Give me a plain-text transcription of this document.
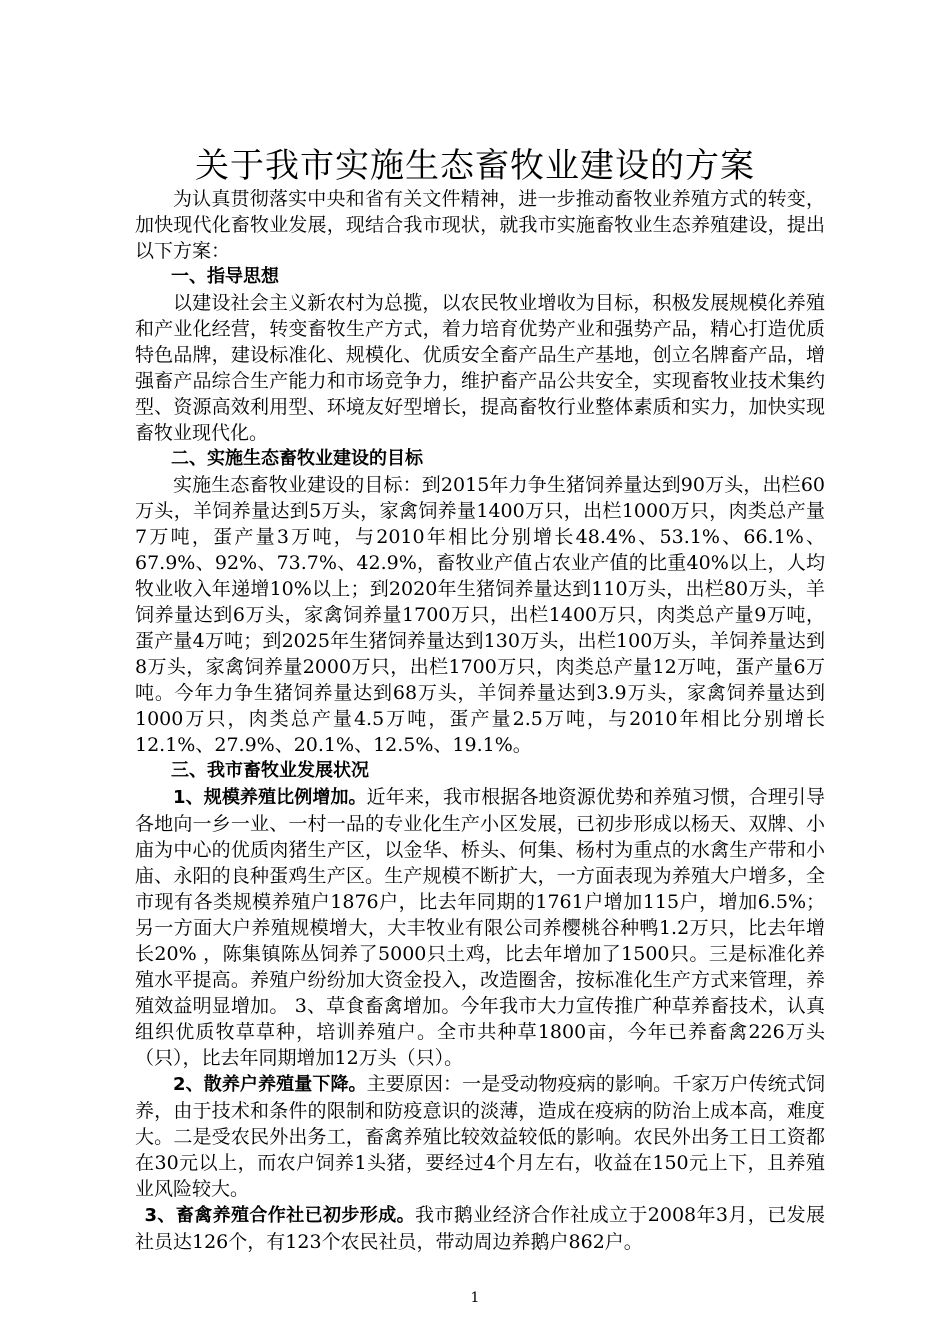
关于我市实施生态畜牧业建设的方案

为认真贯彻落实中央和省有关文件精神，进一步推动畜牧业养殖方式的转变，加快现代化畜牧业发展，现结合我市现状，就我市实施畜牧业生态养殖建设，提出以下方案：

一、指导思想

以建设社会主义新农村为总揽，以农民牧业增收为目标，积极发展规模化养殖和产业化经营，转变畜牧生产方式，着力培育优势产业和强势产品，精心打造优质特色品牌，建设标准化、规模化、优质安全畜产品生产基地，创立名牌畜产品，增强畜产品综合生产能力和市场竞争力，维护畜产品公共安全，实现畜牧业技术集约型、资源高效利用型、环境友好型增长，提高畜牧行业整体素质和实力，加快实现畜牧业现代化。

二、实施生态畜牧业建设的目标

实施生态畜牧业建设的目标：到2015年力争生猪饲养量达到90万头，出栏60万头，羊饲养量达到5万头，家禽饲养量1400万只，出栏1000万只，肉类总产量7万吨，蛋产量3万吨，与2010年相比分别增长48.4%、53.1%、66.1%、67.9%、92%、73.7%、42.9%，畜牧业产值占农业产值的比重40%以上，人均牧业收入年递增10%以上；到2020年生猪饲养量达到110万头，出栏80万头，羊饲养量达到6万头，家禽饲养量1700万只，出栏1400万只，肉类总产量9万吨，蛋产量4万吨；到2025年生猪饲养量达到130万头，出栏100万头，羊饲养量达到8万头，家禽饲养量2000万只，出栏1700万只，肉类总产量12万吨，蛋产量6万吨。今年力争生猪饲养量达到68万头，羊饲养量达到3.9万头，家禽饲养量达到1000万只，肉类总产量4.5万吨，蛋产量2.5万吨，与2010年相比分别增长12.1%、27.9%、20.1%、12.5%、19.1%。

三、我市畜牧业发展状况

1、规模养殖比例增加。近年来，我市根据各地资源优势和养殖习惯，合理引导各地向一乡一业、一村一品的专业化生产小区发展，已初步形成以杨天、双牌、小庙为中心的优质肉猪生产区，以金华、桥头、何集、杨村为重点的水禽生产带和小庙、永阳的良种蛋鸡生产区。生产规模不断扩大，一方面表现为养殖大户增多，全市现有各类规模养殖户1876户，比去年同期的1761户增加115户，增加6.5%；另一方面大户养殖规模增大，大丰牧业有限公司养樱桃谷种鸭1.2万只，比去年增长20% ，陈集镇陈丛饲养了5000只土鸡，比去年增加了1500只。三是标准化养殖水平提高。养殖户纷纷加大资金投入，改造圈舍，按标准化生产方式来管理，养殖效益明显增加。 3、草食畜禽增加。今年我市大力宣传推广种草养畜技术，认真组织优质牧草草种，培训养殖户。全市共种草1800亩，今年已养畜禽226万头（只），比去年同期增加12万头（只）。

2、散养户养殖量下降。主要原因：一是受动物疫病的影响。千家万户传统式饲养，由于技术和条件的限制和防疫意识的淡薄，造成在疫病的防治上成本高，难度大。二是受农民外出务工，畜禽养殖比较效益较低的影响。农民外出务工日工资都在30元以上，而农户饲养1头猪，要经过4个月左右，收益在150元上下，且养殖业风险较大。

3、畜禽养殖合作社已初步形成。我市鹅业经济合作社成立于2008年3月，已发展社员达126个，有123个农民社员，带动周边养鹅户862户。

1
